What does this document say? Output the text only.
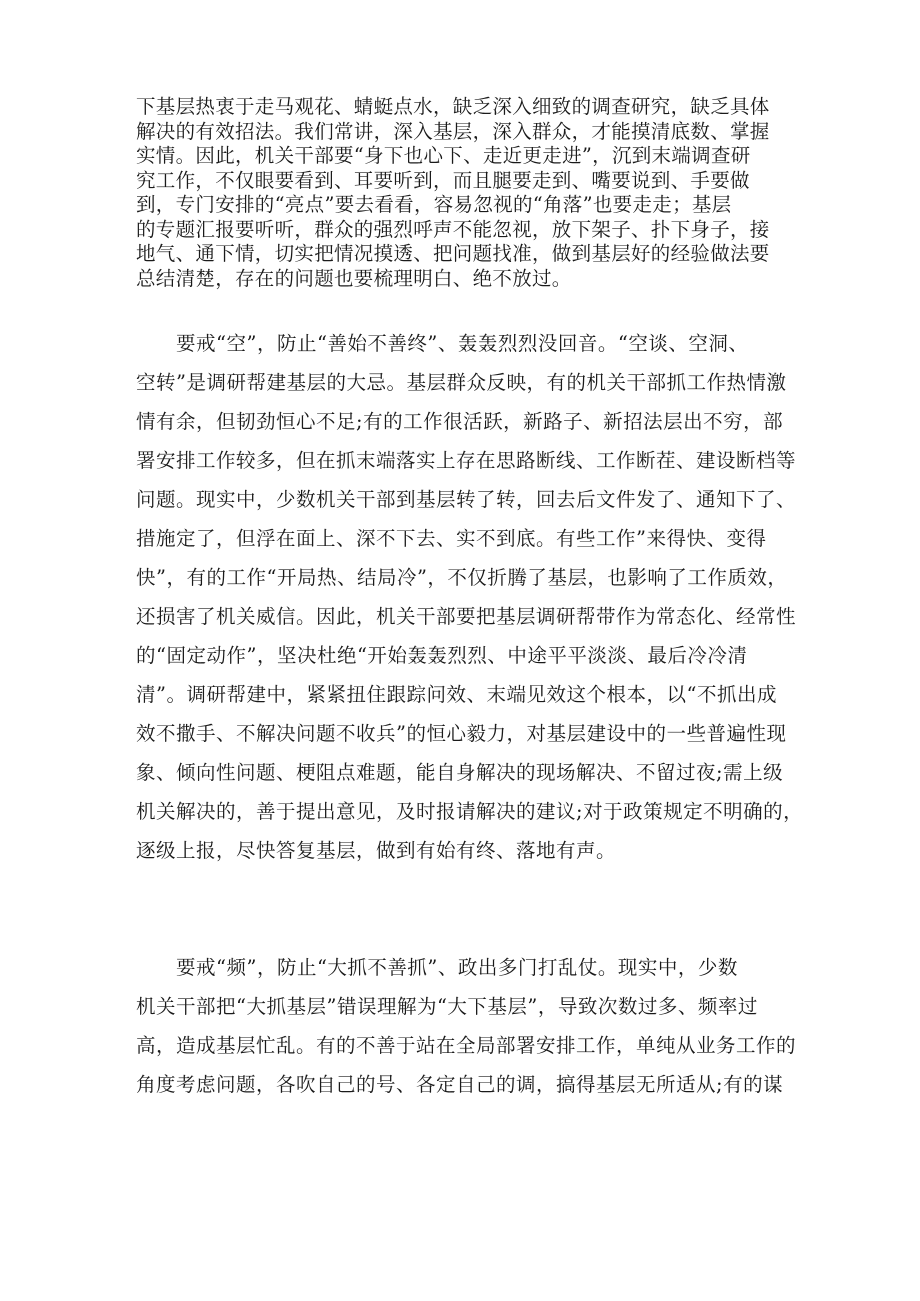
下基层热衷于走马观花、蜻蜓点水，缺乏深入细致的调查研究，缺乏具体
解决的有效招法。我们常讲，深入基层，深入群众，才能摸清底数、掌握
实情。因此，机关干部要“身下也心下、走近更走进”，沉到末端调查研
究工作，不仅眼要看到、耳要听到，而且腿要走到、嘴要说到、手要做
到，专门安排的“亮点”要去看看，容易忽视的“角落”也要走走；基层
的专题汇报要听听，群众的强烈呼声不能忽视，放下架子、扑下身子，接
地气、通下情，切实把情况摸透、把问题找准，做到基层好的经验做法要
总结清楚，存在的问题也要梳理明白、绝不放过。

　　要戒“空”，防止“善始不善终”、轰轰烈烈没回音。“空谈、空洞、
空转”是调研帮建基层的大忌。基层群众反映，有的机关干部抓工作热情激
情有余，但韧劲恒心不足;有的工作很活跃，新路子、新招法层出不穷，部
署安排工作较多，但在抓末端落实上存在思路断线、工作断茬、建设断档等
问题。现实中，少数机关干部到基层转了转，回去后文件发了、通知下了、
措施定了，但浮在面上、深不下去、实不到底。有些工作”来得快、变得
快”，有的工作“开局热、结局冷”，不仅折腾了基层，也影响了工作质效，
还损害了机关威信。因此，机关干部要把基层调研帮带作为常态化、经常性
的“固定动作”，坚决杜绝“开始轰轰烈烈、中途平平淡淡、最后冷冷清
清”。调研帮建中，紧紧扭住跟踪问效、末端见效这个根本，以“不抓出成
效不撒手、不解决问题不收兵”的恒心毅力，对基层建设中的一些普遍性现
象、倾向性问题、梗阻点难题，能自身解决的现场解决、不留过夜;需上级
机关解决的，善于提出意见，及时报请解决的建议;对于政策规定不明确的，
逐级上报，尽快答复基层，做到有始有终、落地有声。

　　要戒“频”，防止“大抓不善抓”、政出多门打乱仗。现实中，少数
机关干部把“大抓基层”错误理解为“大下基层”，导致次数过多、频率过
高，造成基层忙乱。有的不善于站在全局部署安排工作，单纯从业务工作的
角度考虑问题，各吹自己的号、各定自己的调，搞得基层无所适从;有的谋
